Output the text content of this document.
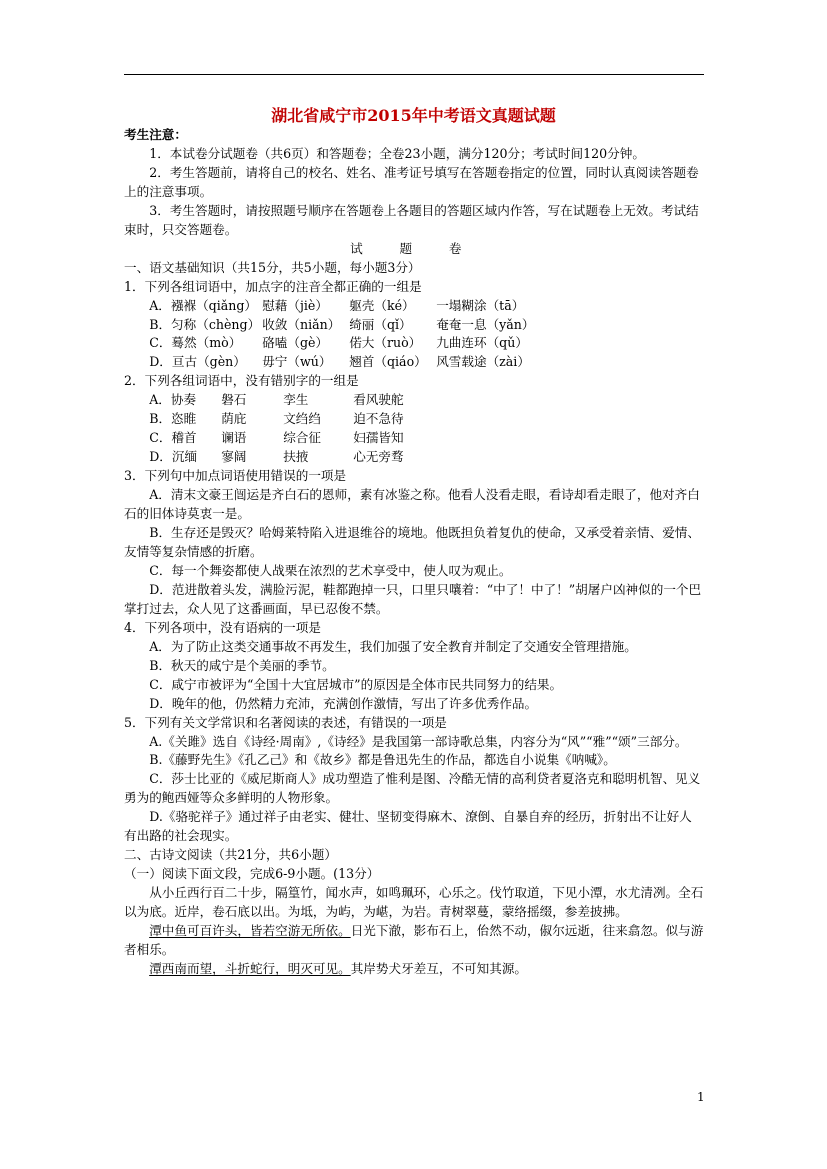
湖北省咸宁市2015年中考语文真题试题

考生注意：

1．本试卷分试题卷（共6页）和答题卷；全卷23小题，满分120分；考试时间120分钟。

2．考生答题前，请将自己的校名、姓名、准考证号填写在答题卷指定的位置，同时认真阅读答题卷上的注意事项。

3．考生答题时，请按照题号顺序在答题卷上各题目的答题区域内作答，写在试题卷上无效。考试结束时，只交答题卷。

试 题 卷

一、语文基础知识（共15分，共5小题，每小题3分）

1．下列各组词语中，加点字的注音全都正确的一组是

A．襁褓（qiǎng）	慰藉（jiè）	躯壳（ké）	一塌糊涂（tā）
B．匀称（chèng）	收敛（niǎn）	绮丽（qǐ）	奄奄一息（yǎn）
C．蓦然（mò）	硌嗑（gè）	偌大（ruò）	九曲连环（qǔ）
D．亘古（gèn）	毋宁（wú）	翘首（qiáo）	风雪载途（zài）

2．下列各组词语中，没有错别字的一组是

A．协奏	磐石	孪生	看风驶舵
B．恣睢	荫庇	文绉绉	迫不急待
C．稽首	谰语	综合征	妇孺皆知
D．沉缅	寥阔	扶掖	心无旁骛

3．下列句中加点词语使用错误的一项是

A．清末文豪王闿运是齐白石的恩师，素有冰鉴之称。他看人没看走眼，看诗却看走眼了，他对齐白石的旧体诗莫衷一是。

B．生存还是毁灭？哈姆莱特陷入进退维谷的境地。他既担负着复仇的使命，又承受着亲情、爱情、友情等复杂情感的折磨。

C．每一个舞姿都使人战栗在浓烈的艺术享受中，使人叹为观止。

D．范进散着头发，满脸污泥，鞋都跑掉一只，口里只嚷着：“中了！中了！”胡屠户凶神似的一个巴掌打过去，众人见了这番画面，早已忍俊不禁。

4．下列各项中，没有语病的一项是

A．为了防止这类交通事故不再发生，我们加强了安全教育并制定了交通安全管理措施。

B．秋天的咸宁是个美丽的季节。

C．咸宁市被评为“全国十大宜居城市”的原因是全体市民共同努力的结果。

D．晚年的他，仍然精力充沛，充满创作激情，写出了许多优秀作品。

5．下列有关文学常识和名著阅读的表述，有错误的一项是

A.《关雎》选自《诗经·周南》,《诗经》是我国第一部诗歌总集，内容分为“风”“雅”“颂”三部分。

B.《藤野先生》《孔乙己》和《故乡》都是鲁迅先生的作品，都选自小说集《呐喊》。

C．莎士比亚的《威尼斯商人》成功塑造了惟利是图、冷酷无情的高利贷者夏洛克和聪明机智、见义勇为的鲍西娅等众多鲜明的人物形象。

D.《骆驼祥子》通过祥子由老实、健壮、坚韧变得麻木、潦倒、自暴自弃的经历，折射出不让好人有出路的社会现实。

二、古诗文阅读（共21分，共6小题）

（一）阅读下面文段，完成6-9小题。(13分）

从小丘西行百二十步，隔篁竹，闻水声，如鸣珮环，心乐之。伐竹取道，下见小潭，水尤清冽。全石以为底。近岸，卷石底以出。为坻，为屿，为嵁，为岩。青树翠蔓，蒙络摇缀，参差披拂。

潭中鱼可百许头，皆若空游无所依。日光下澈，影布石上，佁然不动，俶尔远逝，往来翕忽。似与游者相乐。

潭西南而望，斗折蛇行，明灭可见。其岸势犬牙差互，不可知其源。

1
